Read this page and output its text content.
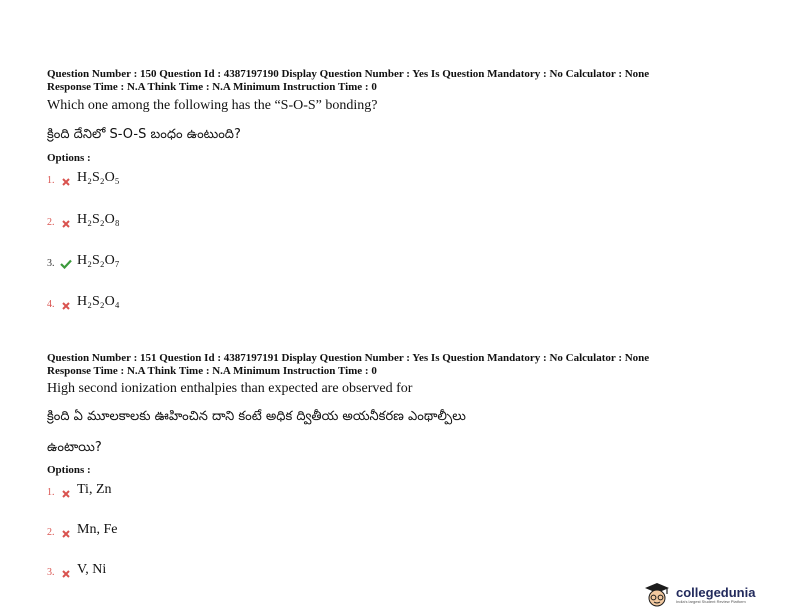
Question Number : 150 Question Id : 4387197190 Display Question Number : Yes Is Question Mandatory : No Calculator : None
Response Time : N.A Think Time : N.A Minimum Instruction Time : 0
Which one among the following has the “S-O-S” bonding?
క్రింది దేనిలో S-O-S బంధం ఉంటుంది?
Options :
1.	H₂S₂O₅
2.	H₂S₂O₈
3.	H₂S₂O₇
4.	H₂S₂O₄
Question Number : 151 Question Id : 4387197191 Display Question Number : Yes Is Question Mandatory : No Calculator : None
Response Time : N.A Think Time : N.A Minimum Instruction Time : 0
High second ionization enthalpies than expected are observed for
క్రింది ఏ మూలకాలకు ఊహించిన దాని కంటే అధిక ద్వితీయ అయనీకరణ ఎంథాల్పీలు
ఉంటాయి?
Options :
1.	Ti, Zn
2.	Mn, Fe
3.	V, Ni
collegedunia
India's largest Student Review Platform
